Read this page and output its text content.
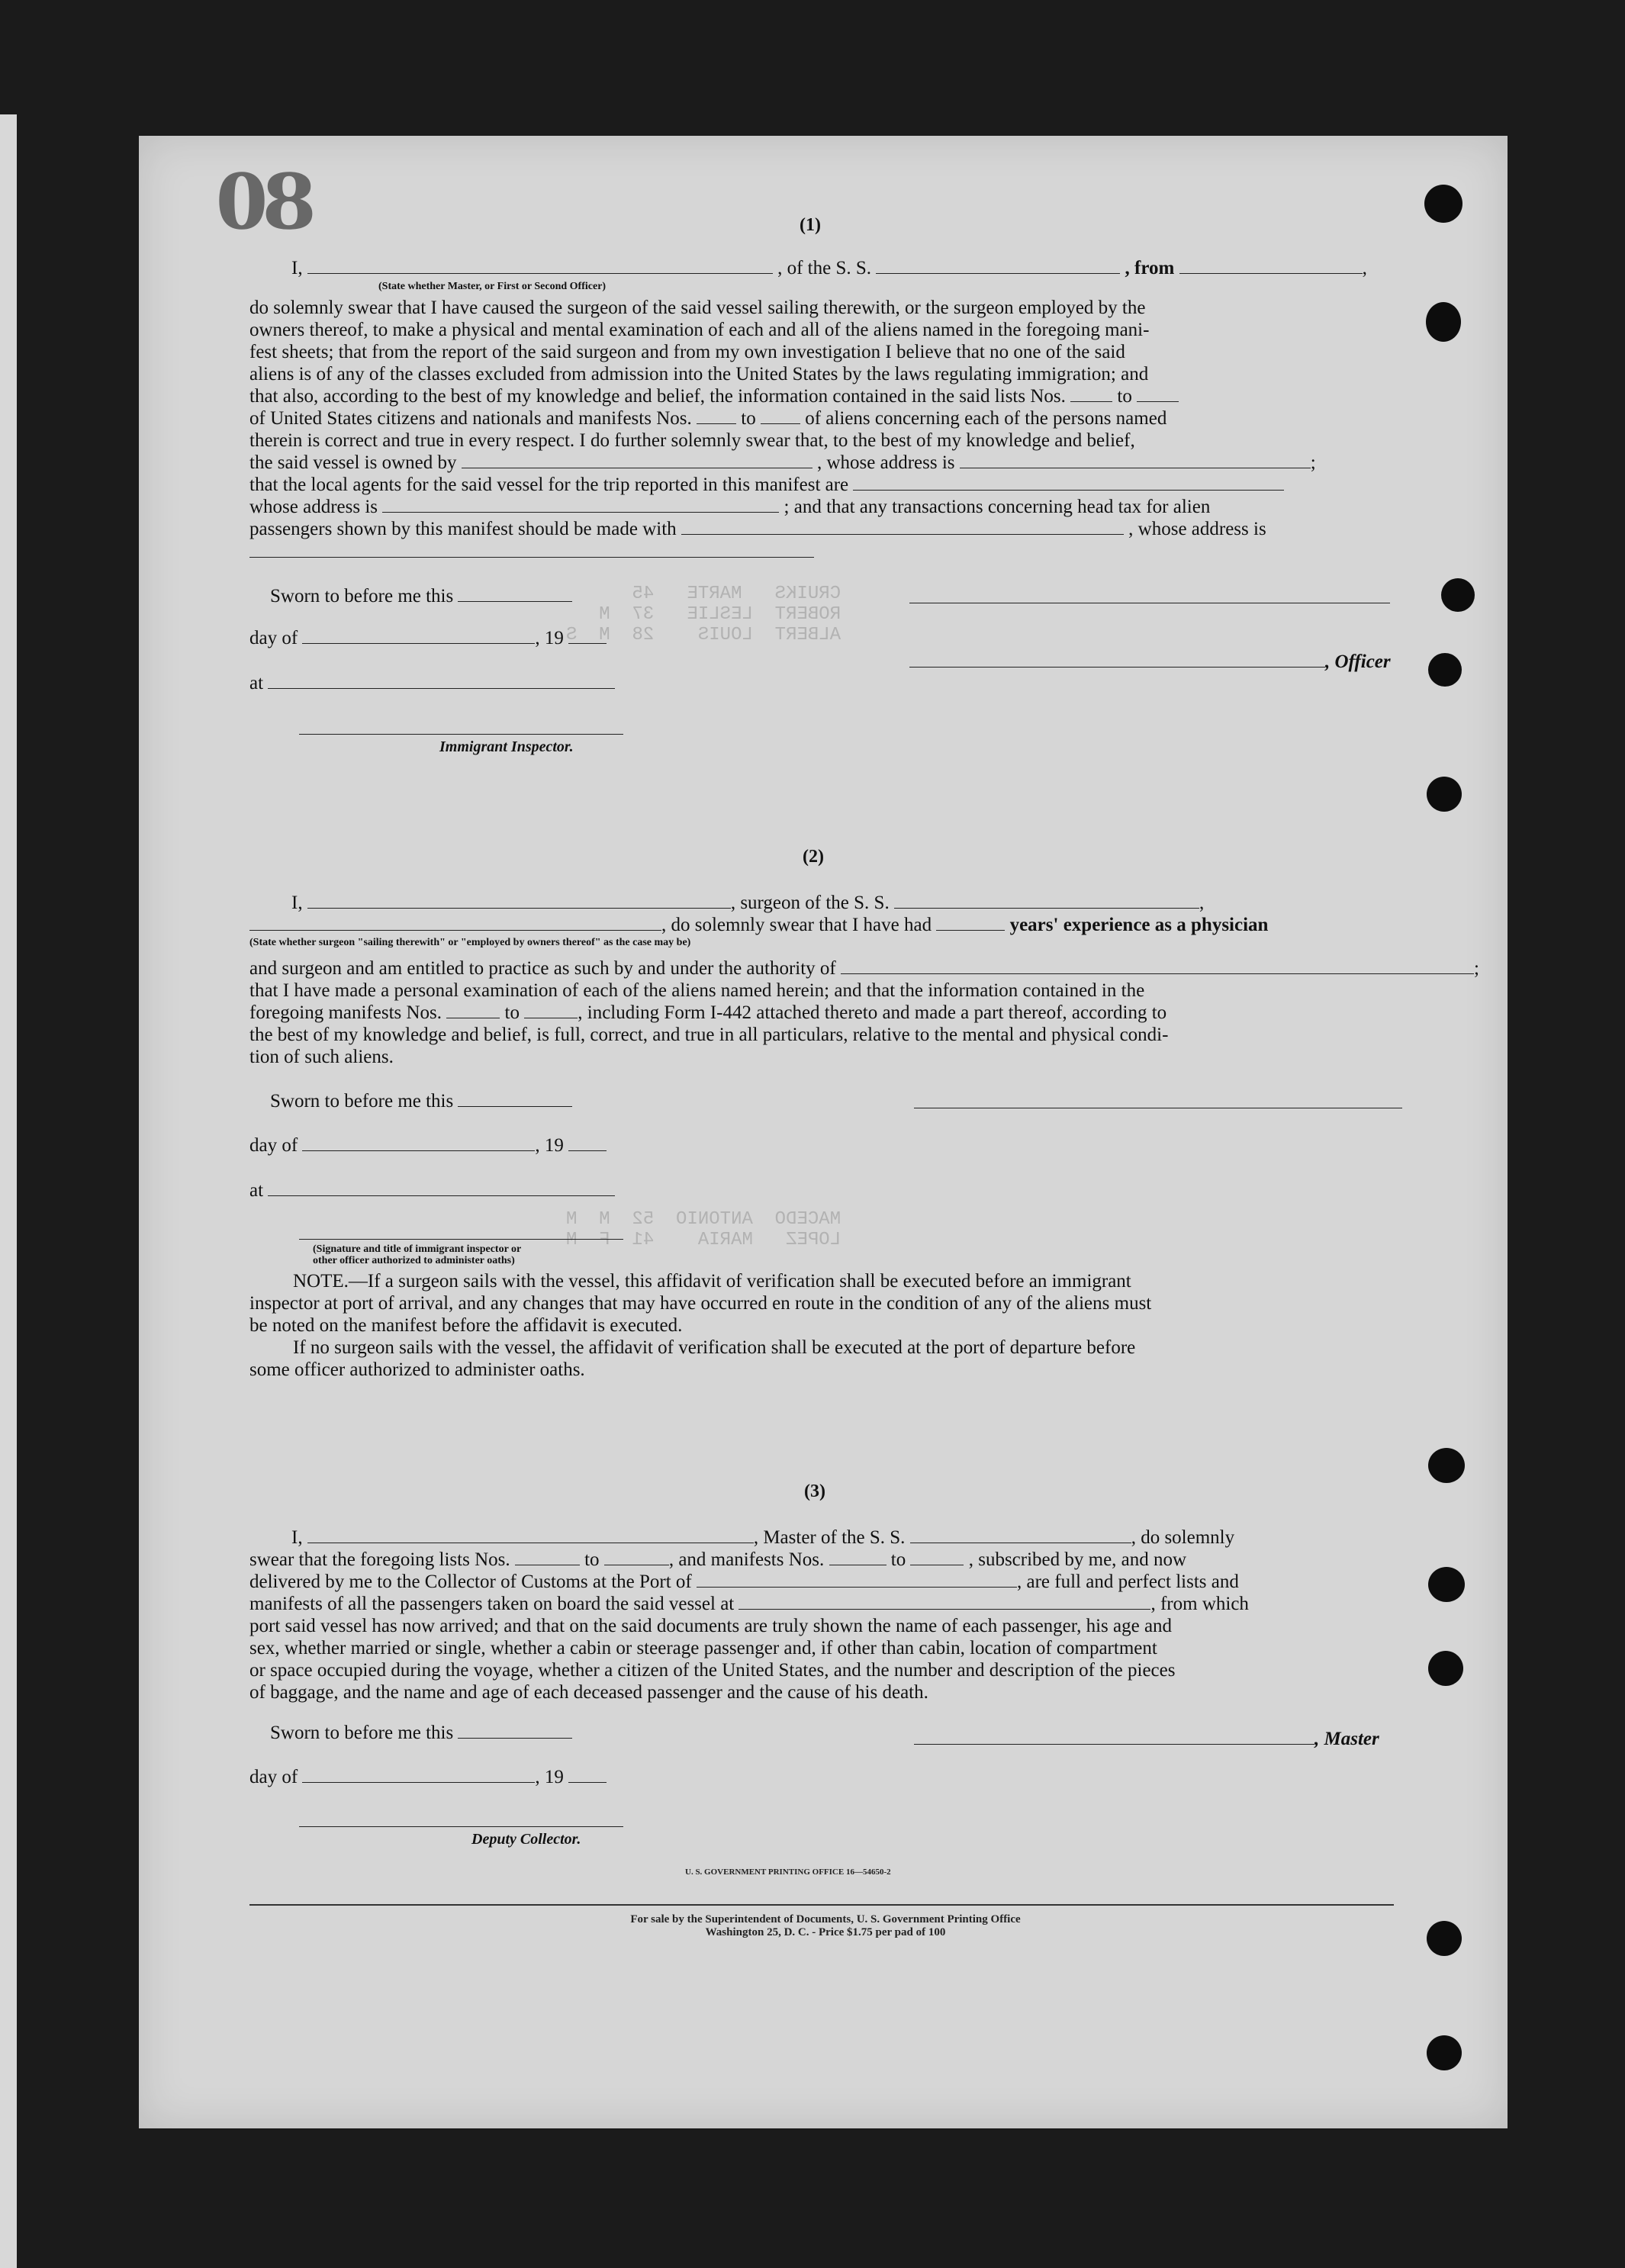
08

CRUIKS   MARTE   45
ROBERT  LESLIE   37  M
ALBERT  LOUIS    28  M  S

MACEDO  ANTONIO  52  M  M
LOPEZ   MARIA    41  F  M

(1)
I,	, of the S. S.	, from	,
(State whether Master, or First or Second Officer)
do solemnly swear that I have caused the surgeon of the said vessel sailing therewith, or the surgeon employed by the
owners thereof, to make a physical and mental examination of each and all of the aliens named in the foregoing mani-
fest sheets; that from the report of the said surgeon and from my own investigation I believe that no one of the said
aliens is of any of the classes excluded from admission into the United States by the laws regulating immigration; and
that also, according to the best of my knowledge and belief, the information contained in the said lists Nos.	to
of United States citizens and nationals and manifests Nos.	to	of aliens concerning each of the persons named
therein is correct and true in every respect. I do further solemnly swear that, to the best of my knowledge and belief,
the said vessel is owned by	, whose address is	;
that the local agents for the said vessel for the trip reported in this manifest are
whose address is	; and that any transactions concerning head tax for alien
passengers shown by this manifest should be made with	, whose address is
Sworn to before me this
day of	, 19
, Officer
at
Immigrant Inspector.
(2)
I,	, surgeon of the S. S.	,
, do solemnly swear that I have had	years' experience as a physician
(State whether surgeon "sailing therewith" or "employed by owners thereof" as the case may be)
and surgeon and am entitled to practice as such by and under the authority of	;
that I have made a personal examination of each of the aliens named herein; and that the information contained in the
foregoing manifests Nos.	to	, including Form I-442 attached thereto and made a part thereof, according to
the best of my knowledge and belief, is full, correct, and true in all particulars, relative to the mental and physical condi-
tion of such aliens.
Sworn to before me this
day of	, 19
at
(Signature and title of immigrant inspector or
other officer authorized to administer oaths)
NOTE.—If a surgeon sails with the vessel, this affidavit of verification shall be executed before an immigrant
inspector at port of arrival, and any changes that may have occurred en route in the condition of any of the aliens must
be noted on the manifest before the affidavit is executed.
If no surgeon sails with the vessel, the affidavit of verification shall be executed at the port of departure before
some officer authorized to administer oaths.
(3)
I,	, Master of the S. S.	, do solemnly
swear that the foregoing lists Nos.	to	, and manifests Nos.	to	, subscribed by me, and now
delivered by me to the Collector of Customs at the Port of	, are full and perfect lists and
manifests of all the passengers taken on board the said vessel at	, from which
port said vessel has now arrived; and that on the said documents are truly shown the name of each passenger, his age and
sex, whether married or single, whether a cabin or steerage passenger and, if other than cabin, location of compartment
or space occupied during the voyage, whether a citizen of the United States, and the number and description of the pieces
of baggage, and the name and age of each deceased passenger and the cause of his death.
Sworn to before me this	, Master
day of	, 19
Deputy Collector.
U. S. GOVERNMENT PRINTING OFFICE 16—54650-2
For sale by the Superintendent of Documents, U. S. Government Printing Office
Washington 25, D. C. - Price $1.75 per pad of 100
